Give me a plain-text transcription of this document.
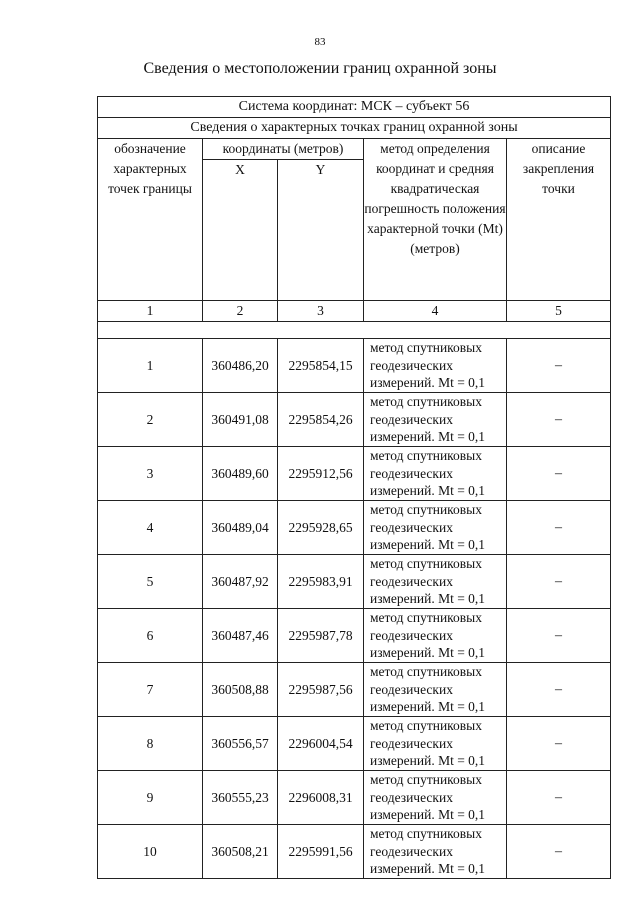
83
Сведения о местоположении границ охранной зоны
Система координат: МСК – субъект 56				
Сведения о характерных точках границ охранной зоны				
обозначение характерных точек границы	координаты (метров)		метод определения координат и средняя квадратическая погрешность положения характерной точки (Mt) (метров)	описание закрепления точки
	X	Y		
1	2	3	4	5

1	360486,20	2295854,15	метод спутниковых геодезических измерений. Mt = 0,1	–
2	360491,08	2295854,26	метод спутниковых геодезических измерений. Mt = 0,1	–
3	360489,60	2295912,56	метод спутниковых геодезических измерений. Mt = 0,1	–
4	360489,04	2295928,65	метод спутниковых геодезических измерений. Mt = 0,1	–
5	360487,92	2295983,91	метод спутниковых геодезических измерений. Mt = 0,1	–
6	360487,46	2295987,78	метод спутниковых геодезических измерений. Mt = 0,1	–
7	360508,88	2295987,56	метод спутниковых геодезических измерений. Mt = 0,1	–
8	360556,57	2296004,54	метод спутниковых геодезических измерений. Mt = 0,1	–
9	360555,23	2296008,31	метод спутниковых геодезических измерений. Mt = 0,1	–
10	360508,21	2295991,56	метод спутниковых геодезических измерений. Mt = 0,1	–
